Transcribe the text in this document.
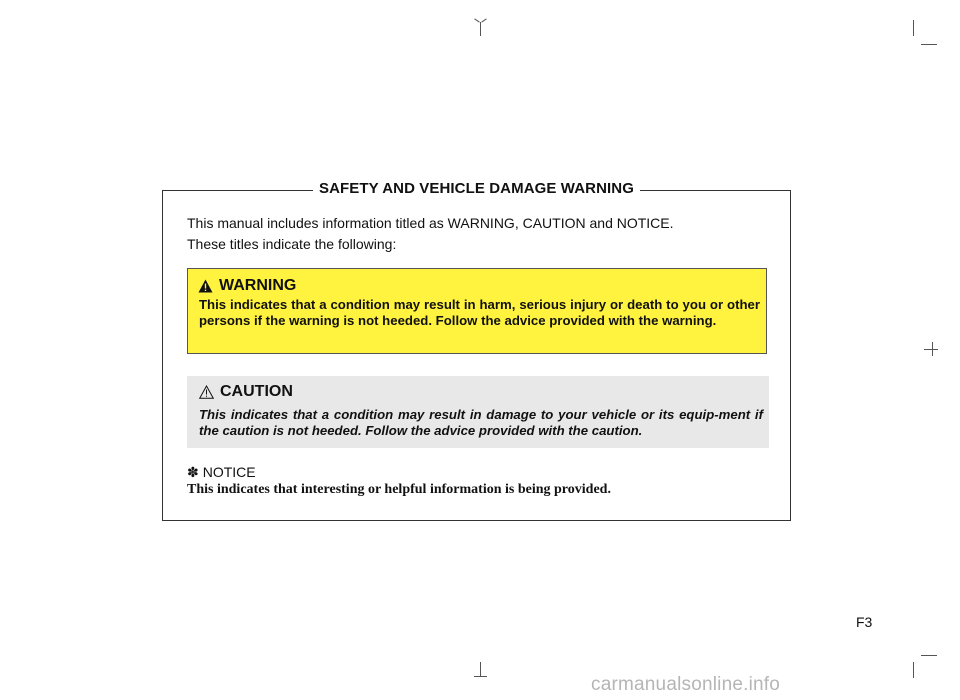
SAFETY AND VEHICLE DAMAGE WARNING

This manual includes information titled as WARNING, CAUTION and NOTICE.

These titles indicate the following:

WARNING
This indicates that a condition may result in harm, serious injury or death to you or other persons if the warning is not heeded. Follow the advice provided with the warning.
CAUTION
This indicates that a condition may result in damage to your vehicle or its equip-ment if the caution is not heeded. Follow the advice provided with the caution.
✽ NOTICE
This indicates that interesting or helpful information is being provided.
F3
carmanualsonline.info
